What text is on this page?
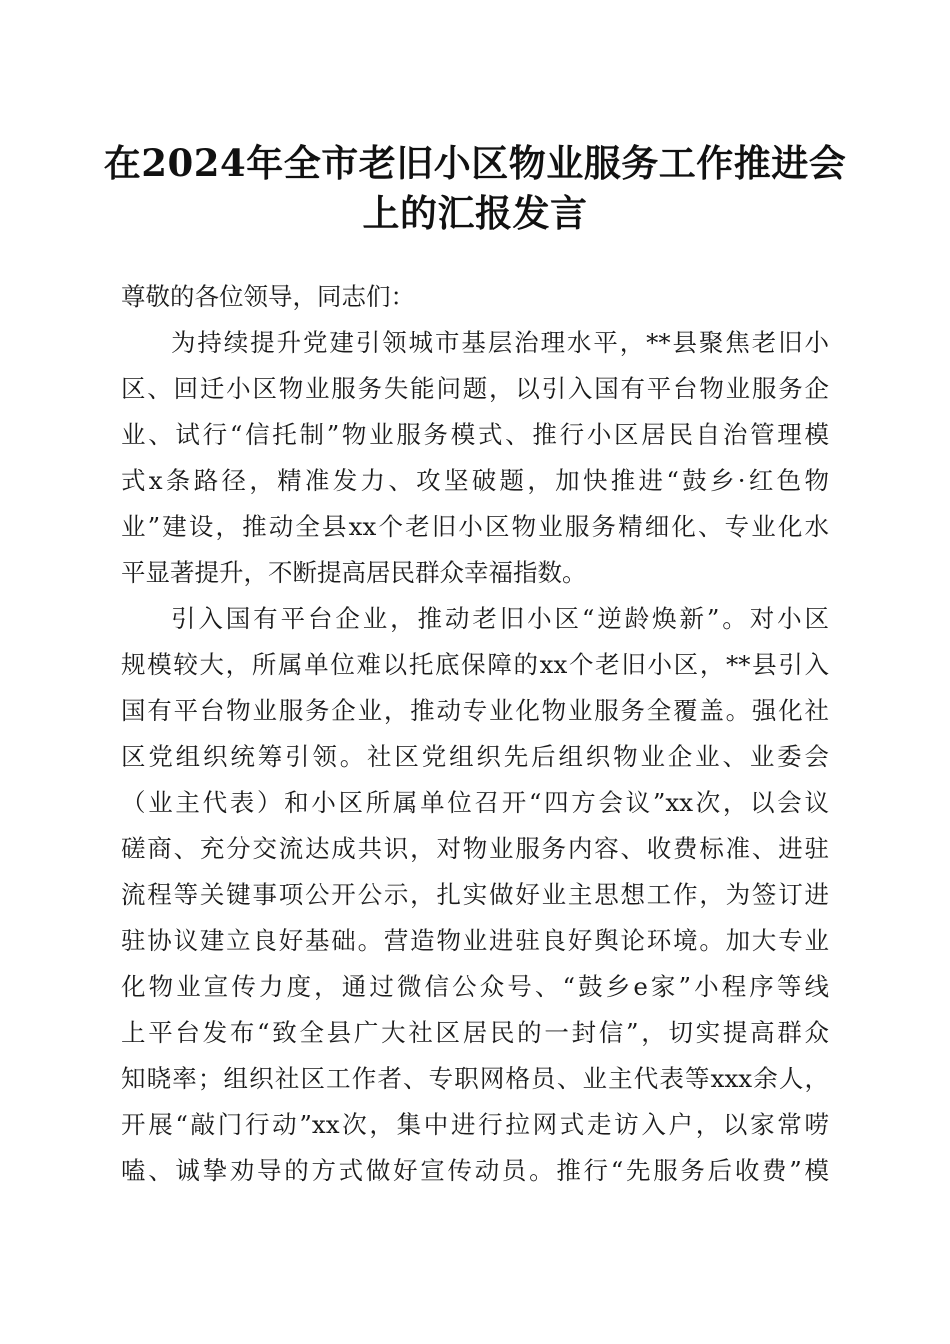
在2024年全市老旧小区物业服务工作推进会
上的汇报发言
尊敬的各位领导，同志们：
为持续提升党建引领城市基层治理水平，**县聚焦老旧小
区、回迁小区物业服务失能问题，以引入国有平台物业服务企
业、试行“信托制”物业服务模式、推行小区居民自治管理模
式x条路径，精准发力、攻坚破题，加快推进“鼓乡·红色物
业”建设，推动全县xx个老旧小区物业服务精细化、专业化水
平显著提升，不断提高居民群众幸福指数。
引入国有平台企业，推动老旧小区“逆龄焕新”。对小区
规模较大，所属单位难以托底保障的xx个老旧小区，**县引入
国有平台物业服务企业，推动专业化物业服务全覆盖。强化社
区党组织统筹引领。社区党组织先后组织物业企业、业委会
（业主代表）和小区所属单位召开“四方会议”xx次，以会议
磋商、充分交流达成共识，对物业服务内容、收费标准、进驻
流程等关键事项公开公示，扎实做好业主思想工作，为签订进
驻协议建立良好基础。营造物业进驻良好舆论环境。加大专业
化物业宣传力度，通过微信公众号、“鼓乡e家”小程序等线
上平台发布“致全县广大社区居民的一封信”，切实提高群众
知晓率；组织社区工作者、专职网格员、业主代表等xxx余人，
开展“敲门行动”xx次，集中进行拉网式走访入户，以家常唠
嗑、诚挚劝导的方式做好宣传动员。推行“先服务后收费”模
